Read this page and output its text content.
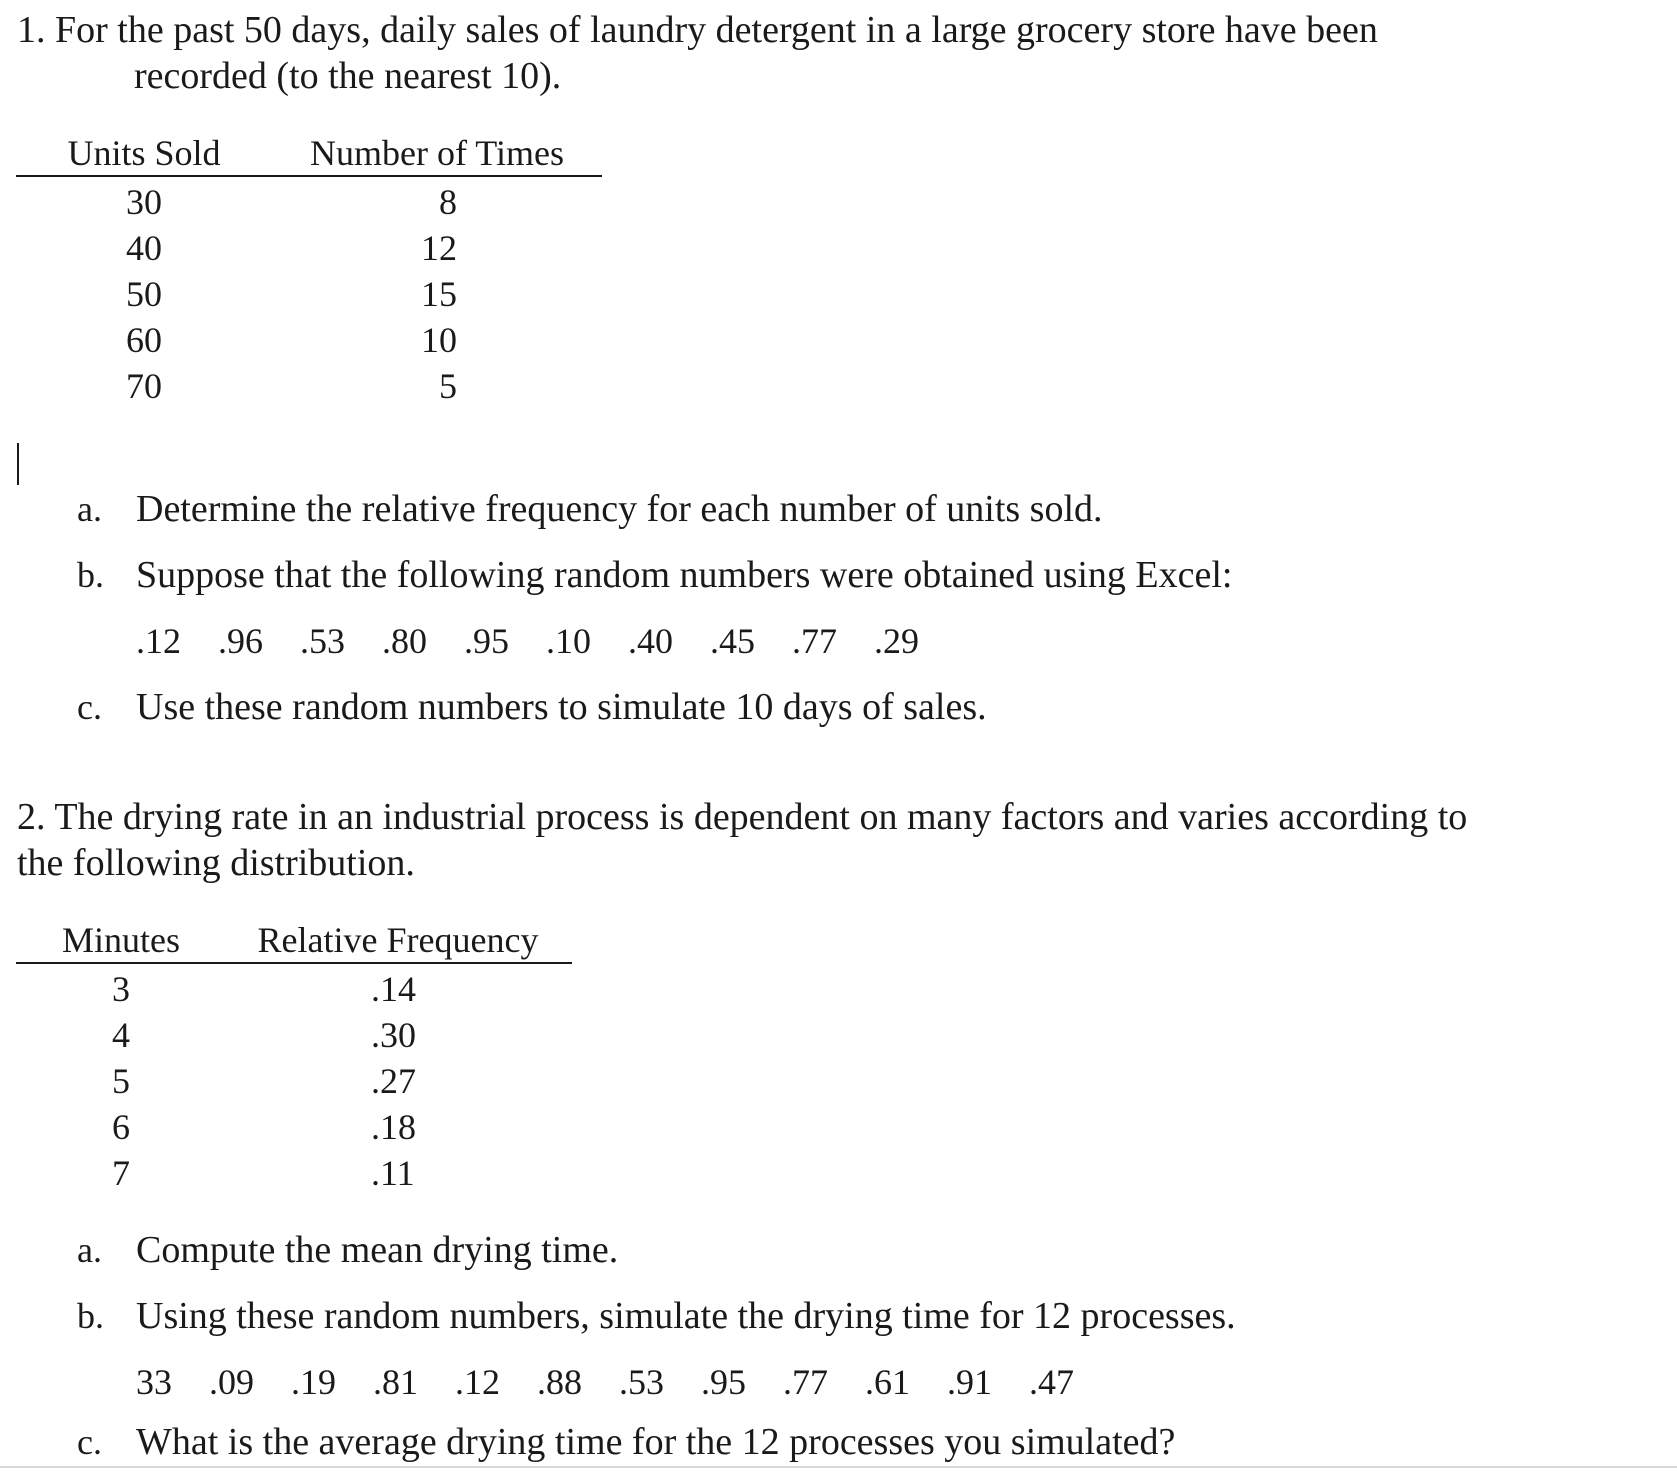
1. For the past 50 days, daily sales of laundry detergent in a large grocery store have been
recorded (to the nearest 10).
Units Sold Number of Times
30	8
40	12
50	15
60	10
70	5
a. Determine the relative frequency for each number of units sold.
b. Suppose that the following random numbers were obtained using Excel:
.12 .96 .53 .80 .95 .10 .40 .45 .77 .29
c. Use these random numbers to simulate 10 days of sales.
2. The drying rate in an industrial process is dependent on many factors and varies according to
the following distribution.
Minutes Relative Frequency
3	.14
4	.30
5	.27
6	.18
7	.11
a. Compute the mean drying time.
b. Using these random numbers, simulate the drying time for 12 processes.
33 .09 .19 .81 .12 .88 .53 .95 .77 .61 .91 .47
c. What is the average drying time for the 12 processes you simulated?
